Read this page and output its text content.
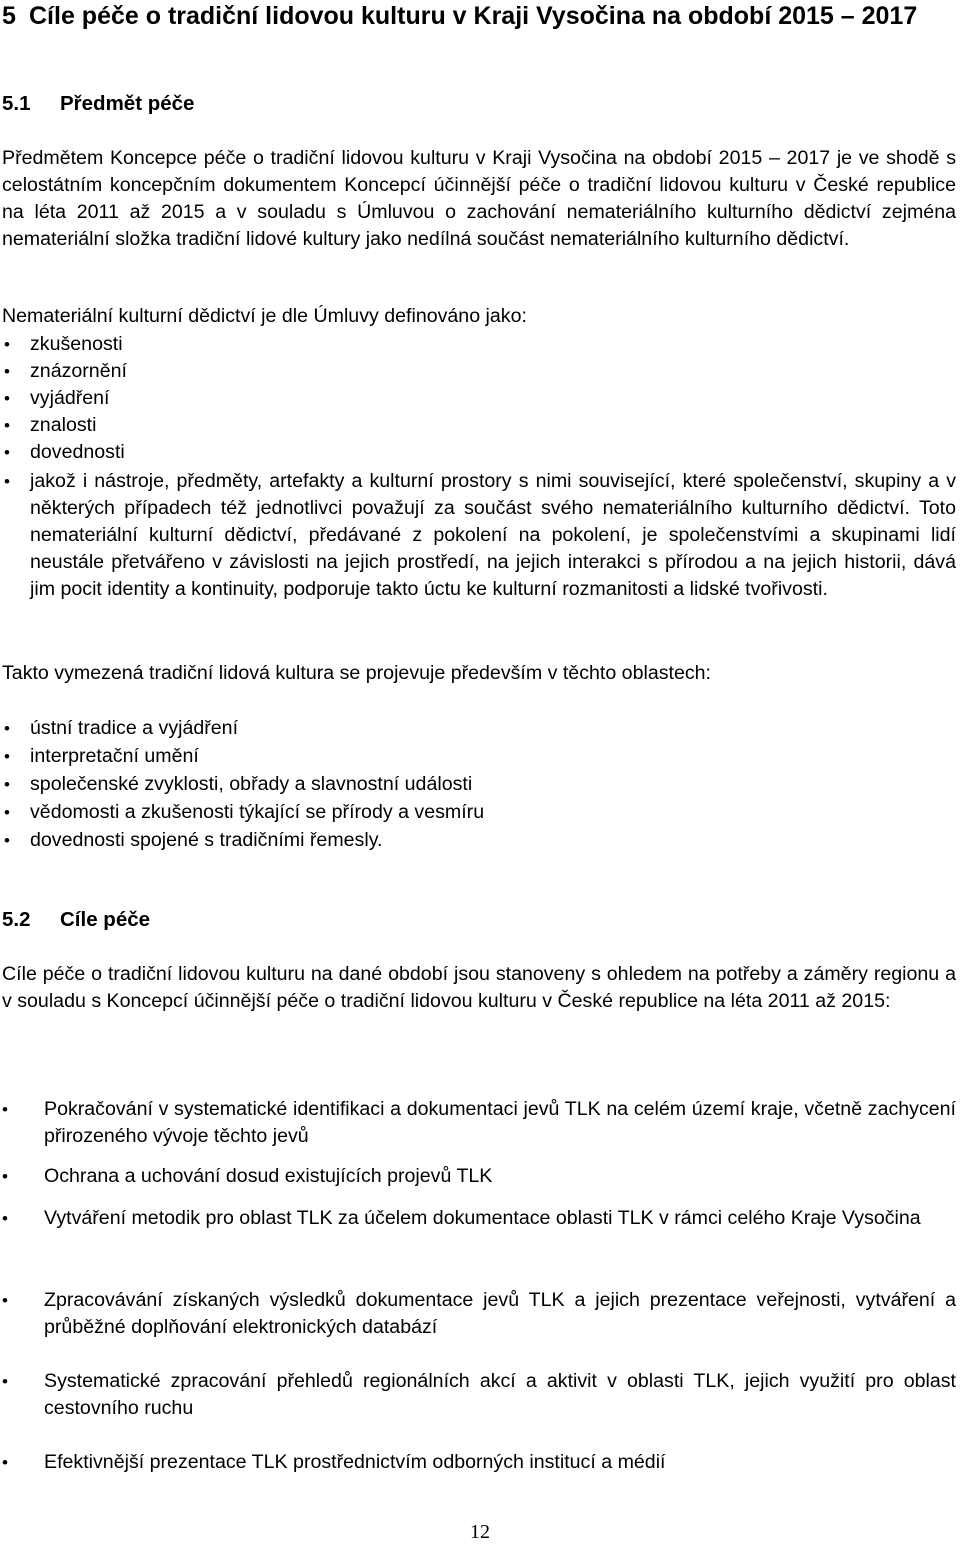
5 Cíle péče o tradiční lidovou kulturu v Kraji Vysočina na období 2015 – 2017
5.1 Předmět péče

Předmětem Koncepce péče o tradiční lidovou kulturu v Kraji Vysočina na období 2015 – 2017 je ve shodě s celostátním koncepčním dokumentem Koncepcí účinnější péče o tradiční lidovou kulturu v České republice na léta 2011 až 2015 a v souladu s Úmluvou o zachování nemateriálního kulturního dědictví zejména nemateriální složka tradiční lidové kultury jako nedílná součást nemateriálního kulturního dědictví.

Nemateriální kulturní dědictví je dle Úmluvy definováno jako:

• zkušenosti
• znázornění
• vyjádření
• znalosti
• dovednosti
• jakož i nástroje, předměty, artefakty a kulturní prostory s nimi související, které společenství, skupiny a v některých případech též jednotlivci považují za součást svého nemateriálního kulturního dědictví. Toto nemateriální kulturní dědictví, předávané z pokolení na pokolení, je společenstvími a skupinami lidí neustále přetvářeno v závislosti na jejich prostředí, na jejich interakci s přírodou a na jejich historii, dává jim pocit identity a kontinuity, podporuje takto úctu ke kulturní rozmanitosti a lidské tvořivosti.

Takto vymezená tradiční lidová kultura se projevuje především v těchto oblastech:

• ústní tradice a vyjádření
• interpretační umění
• společenské zvyklosti, obřady a slavnostní události
• vědomosti a zkušenosti týkající se přírody a vesmíru
• dovednosti spojené s tradičními řemesly.
5.2 Cíle péče

Cíle péče o tradiční lidovou kulturu na dané období jsou stanoveny s ohledem na potřeby a záměry regionu a v souladu s Koncepcí účinnější péče o tradiční lidovou kulturu v České republice na léta 2011 až 2015:

• Pokračování v systematické identifikaci a dokumentaci jevů TLK na celém území kraje, včetně zachycení přirozeného vývoje těchto jevů
• Ochrana a uchování dosud existujících projevů TLK
• Vytváření metodik pro oblast TLK za účelem dokumentace oblasti TLK v rámci celého Kraje Vysočina
• Zpracovávání získaných výsledků dokumentace jevů TLK a jejich prezentace veřejnosti, vytváření a průběžné doplňování elektronických databází
• Systematické zpracování přehledů regionálních akcí a aktivit v oblasti TLK, jejich využití pro oblast cestovního ruchu
• Efektivnější prezentace TLK prostřednictvím odborných institucí a médií
12
